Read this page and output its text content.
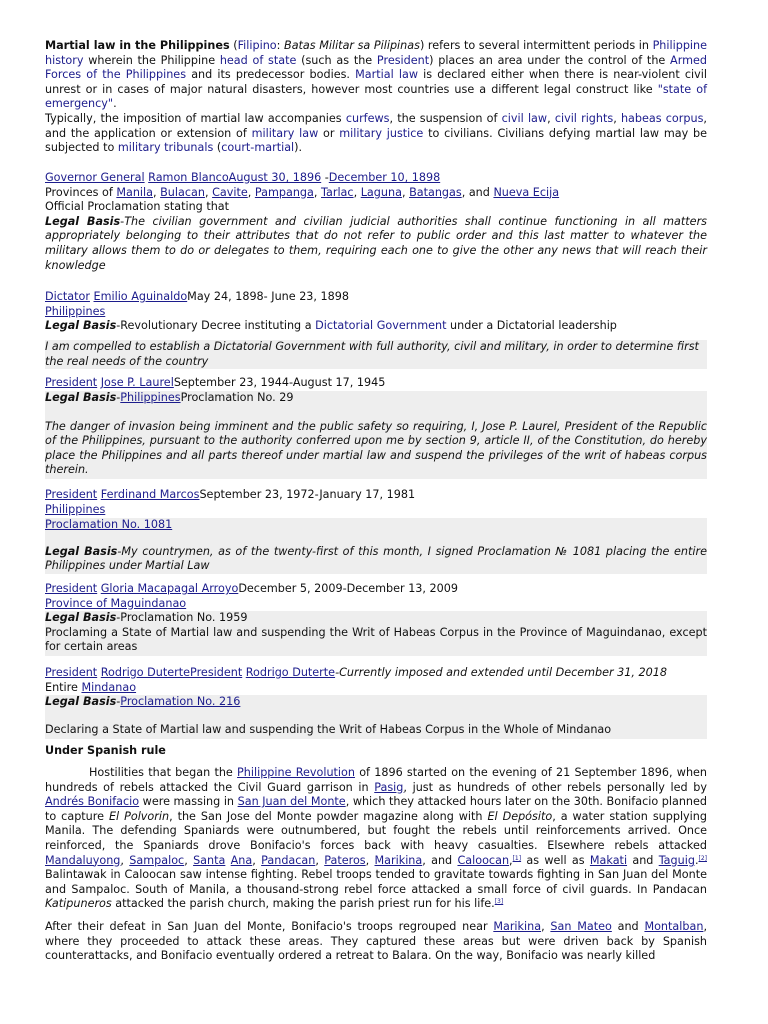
Martial law in the Philippines (Filipino: Batas Militar sa Pilipinas) refers to several intermittent periods in Philippine history wherein the Philippine head of state (such as the President) places an area under the control of the Armed Forces of the Philippines and its predecessor bodies. Martial law is declared either when there is near-violent civil unrest or in cases of major natural disasters, however most countries use a different legal construct like "state of emergency".

Typically, the imposition of martial law accompanies curfews, the suspension of civil law, civil rights, habeas corpus, and the application or extension of military law or military justice to civilians. Civilians defying martial law may be subjected to military tribunals (court-martial).

Governor General Ramon BlancoAugust 30, 1896 -December 10, 1898
Provinces of Manila, Bulacan, Cavite, Pampanga, Tarlac, Laguna, Batangas, and Nueva Ecija
Official Proclamation stating that
Legal Basis-The civilian government and civilian judicial authorities shall continue functioning in all matters appropriately belonging to their attributes that do not refer to public order and this last matter to whatever the military allows them to do or delegates to them, requiring each one to give the other any news that will reach their knowledge
Dictator Emilio AguinaldoMay 24, 1898- June 23, 1898
Philippines
Legal Basis-Revolutionary Decree instituting a Dictatorial Government under a Dictatorial leadership
I am compelled to establish a Dictatorial Government with full authority, civil and military, in order to determine first the real needs of the country
President Jose P. LaurelSeptember 23, 1944-August 17, 1945
Legal Basis-PhilippinesProclamation No. 29
The danger of invasion being imminent and the public safety so requiring, I, Jose P. Laurel, President of the Republic of the Philippines, pursuant to the authority conferred upon me by section 9, article II, of the Constitution, do hereby place the Philippines and all parts thereof under martial law and suspend the privileges of the writ of habeas corpus therein.
President Ferdinand MarcosSeptember 23, 1972-January 17, 1981
Philippines
Proclamation No. 1081
Legal Basis-My countrymen, as of the twenty-first of this month, I signed Proclamation № 1081 placing the entire Philippines under Martial Law
President Gloria Macapagal ArroyoDecember 5, 2009-December 13, 2009
Province of Maguindanao
Legal Basis-Proclamation No. 1959
Proclaming a State of Martial law and suspending the Writ of Habeas Corpus in the Province of Maguindanao, except for certain areas
President Rodrigo DutertePresident Rodrigo Duterte-Currently imposed and extended until December 31, 2018
Entire Mindanao
Legal Basis-Proclamation No. 216
Declaring a State of Martial law and suspending the Writ of Habeas Corpus in the Whole of Mindanao
Under Spanish rule

Hostilities that began the Philippine Revolution of 1896 started on the evening of 21 September 1896, when hundreds of rebels attacked the Civil Guard garrison in Pasig, just as hundreds of other rebels personally led by Andrés Bonifacio were massing in San Juan del Monte, which they attacked hours later on the 30th. Bonifacio planned to capture El Polvorin, the San Jose del Monte powder magazine along with El Depósito, a water station supplying Manila. The defending Spaniards were outnumbered, but fought the rebels until reinforcements arrived. Once reinforced, the Spaniards drove Bonifacio's forces back with heavy casualties. Elsewhere rebels attacked Mandaluyong, Sampaloc, Santa Ana, Pandacan, Pateros, Marikina, and Caloocan,[1] as well as Makati and Taguig.[2] Balintawak in Caloocan saw intense fighting. Rebel troops tended to gravitate towards fighting in San Juan del Monte and Sampaloc. South of Manila, a thousand-strong rebel force attacked a small force of civil guards. In Pandacan Katipuneros attacked the parish church, making the parish priest run for his life.[3]

After their defeat in San Juan del Monte, Bonifacio's troops regrouped near Marikina, San Mateo and Montalban, where they proceeded to attack these areas. They captured these areas but were driven back by Spanish counterattacks, and Bonifacio eventually ordered a retreat to Balara. On the way, Bonifacio was nearly killed
